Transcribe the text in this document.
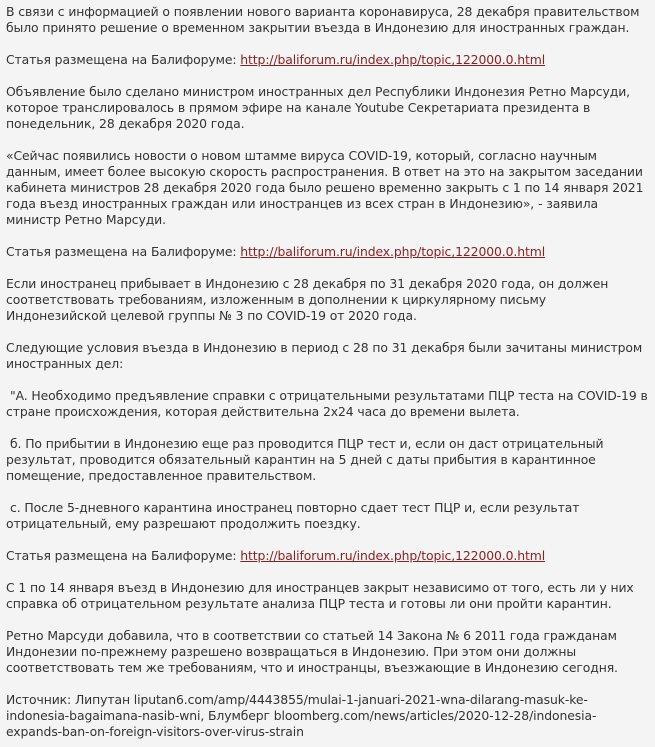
В связи с информацией о появлении нового варианта коронавируса, 28 декабря правительством было принято решение о временном закрытии въезда в Индонезию для иностранных граждан.

Статья размещена на Балифоруме: http://baliforum.ru/index.php/topic,122000.0.html

Объявление было сделано министром иностранных дел Республики Индонезия Ретно Марсуди, которое транслировалось в прямом эфире на канале Youtube Секретариата президента в понедельник, 28 декабря 2020 года.

«Сейчас появились новости о новом штамме вируса COVID-19, который, согласно научным данным, имеет более высокую скорость распространения. В ответ на это на закрытом заседании кабинета министров 28 декабря 2020 года было решено временно закрыть с 1 по 14 января 2021 года въезд иностранных граждан или иностранцев из всех стран в Индонезию», - заявила министр Ретно Марсуди.

Статья размещена на Балифоруме: http://baliforum.ru/index.php/topic,122000.0.html

Если иностранец прибывает в Индонезию с 28 декабря по 31 декабря 2020 года, он должен соответствовать требованиям, изложенным в дополнении к циркулярному письму Индонезийской целевой группы № 3 по COVID-19 от 2020 года.

Следующие условия въезда в Индонезию в период с 28 по 31 декабря были зачитаны министром иностранных дел:

"A. Необходимо предъявление справки с отрицательными результатами ПЦР теста на COVID-19 в стране происхождения, которая действительна 2х24 часа до времени вылета.

б. По прибытии в Индонезию еще раз проводится ПЦР тест и, если он даст отрицательный результат, проводится обязательный карантин на 5 дней с даты прибытия в карантинное помещение, предоставленное правительством.

с. После 5-дневного карантина иностранец повторно сдает тест ПЦР и, если результат отрицательный, ему разрешают продолжить поездку.

Статья размещена на Балифоруме: http://baliforum.ru/index.php/topic,122000.0.html

С 1 по 14 января въезд в Индонезию для иностранцев закрыт независимо от того, есть ли у них справка об отрицательном результате анализа ПЦР теста и готовы ли они пройти карантин.

Ретно Марсуди добавила, что в соответствии со статьей 14 Закона № 6 2011 года гражданам Индонезии по-прежнему разрешено возвращаться в Индонезию. При этом они должны соответствовать тем же требованиям, что и иностранцы, въезжающие в Индонезию сегодня.

Источник: Липутан liputan6.com/amp/4443855/mulai-1-januari-2021-wna-dilarang-masuk-ke-indonesia-bagaimana-nasib-wni, Блумберг bloomberg.com/news/articles/2020-12-28/indonesia-expands-ban-on-foreign-visitors-over-virus-strain
